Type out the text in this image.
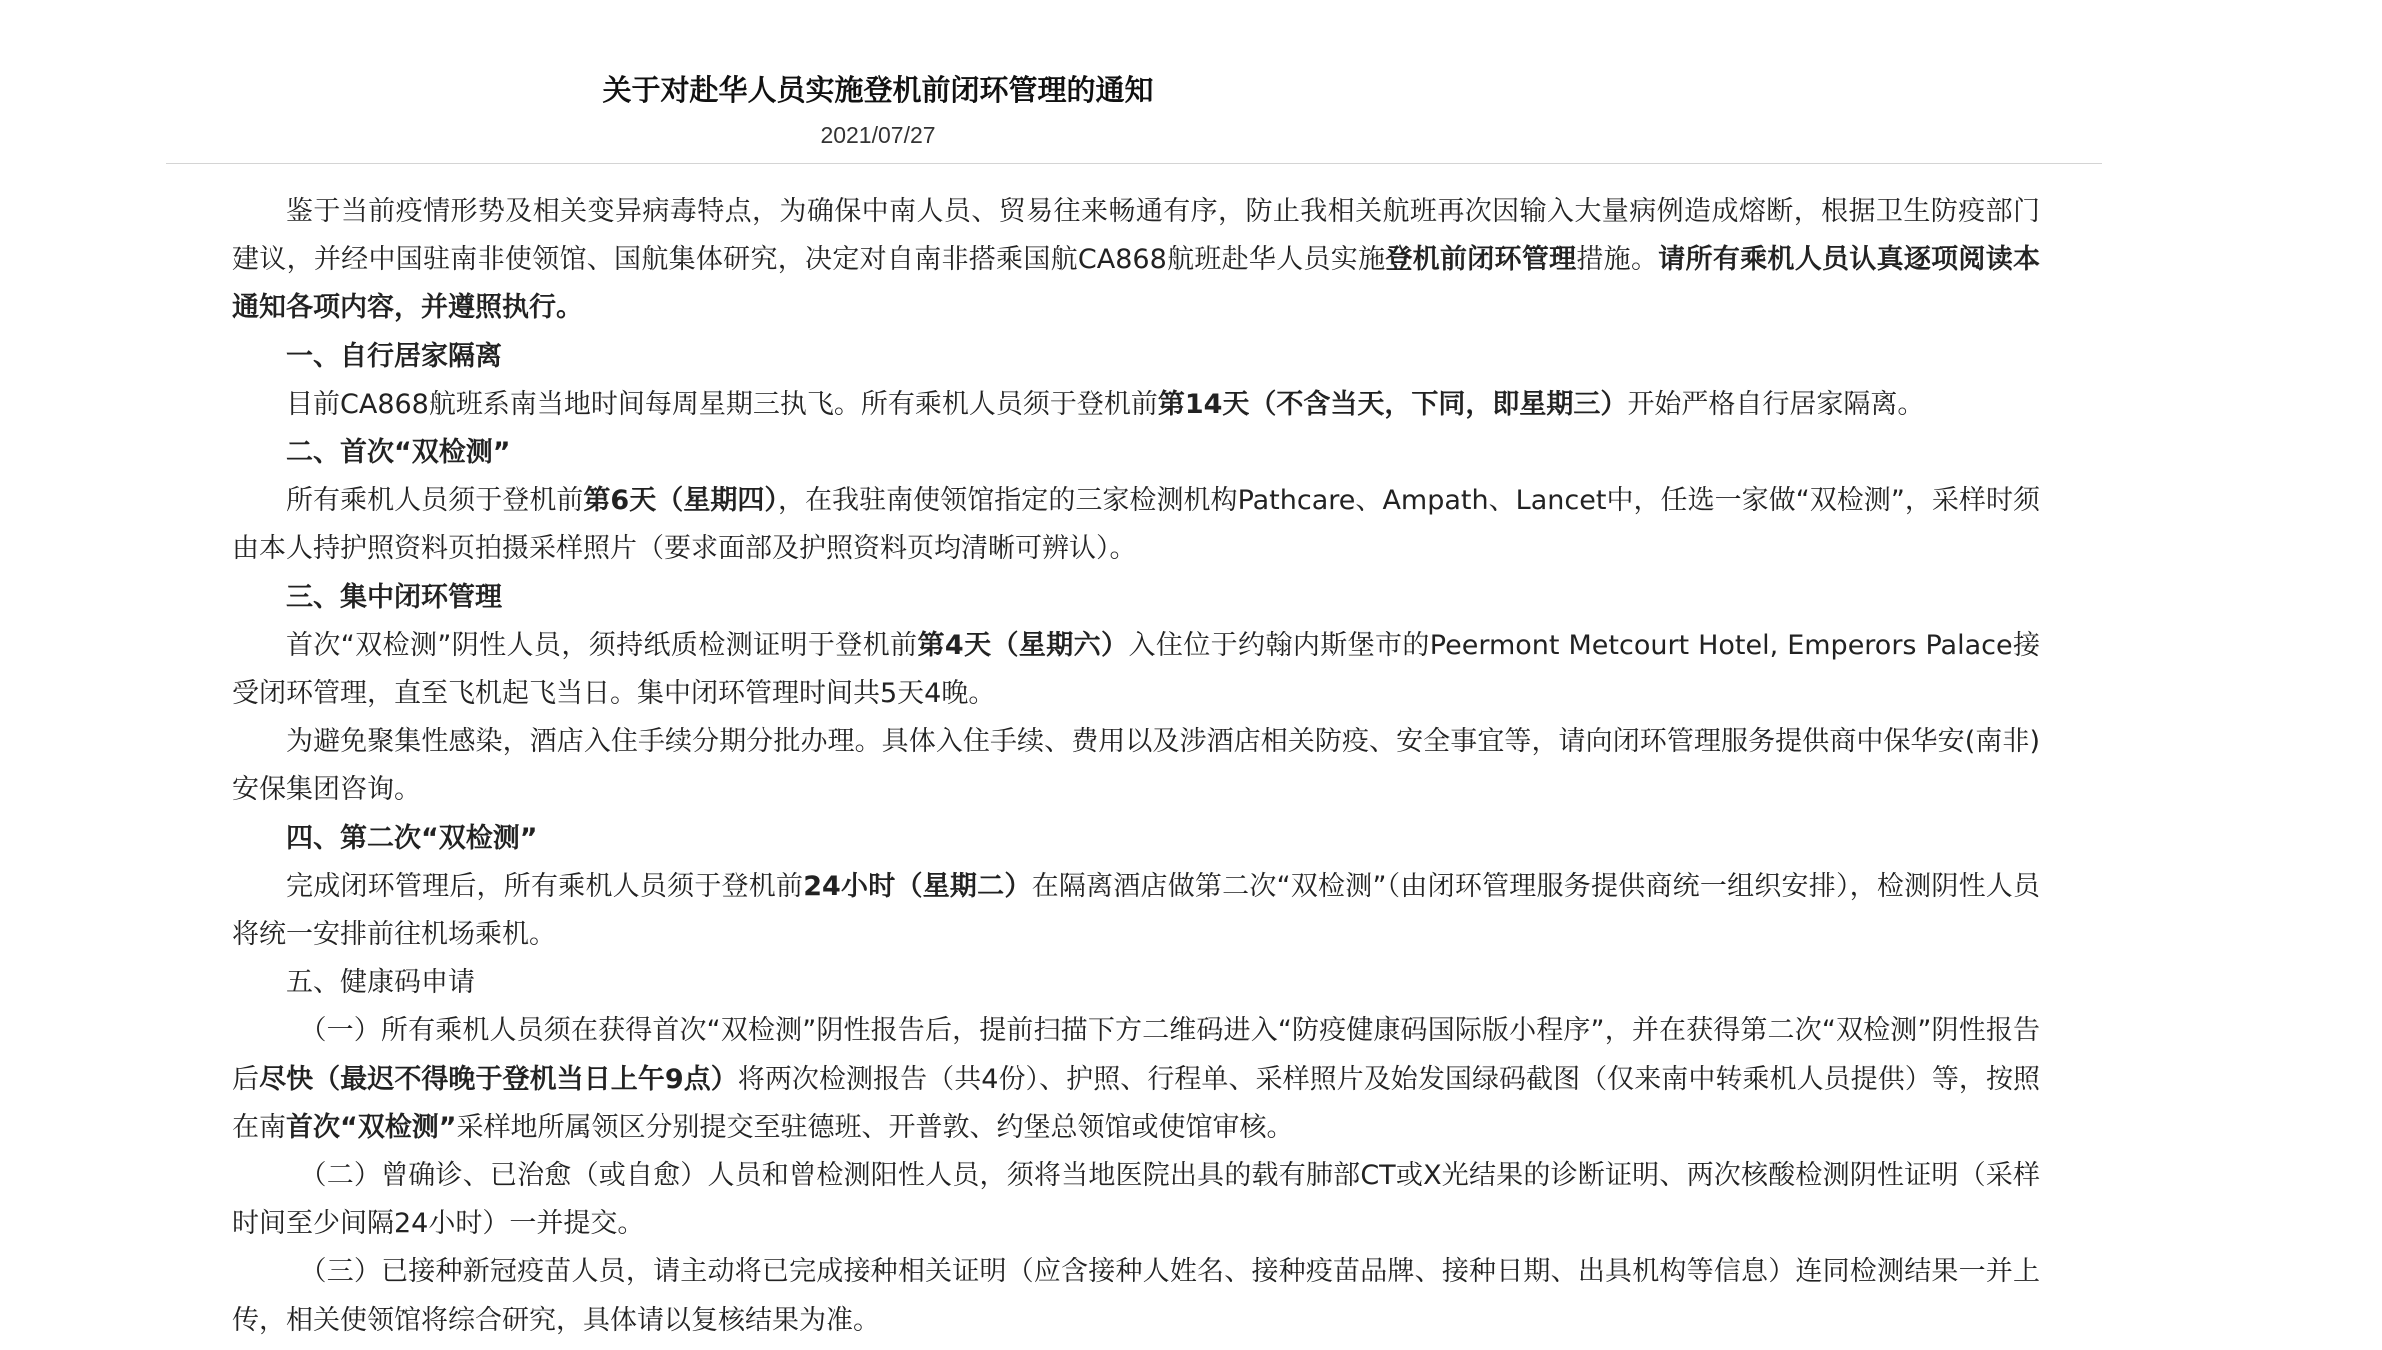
关于对赴华人员实施登机前闭环管理的通知
2021/07/27

鉴于当前疫情形势及相关变异病毒特点，为确保中南人员、贸易往来畅通有序，防止我相关航班再次因输入大量病例造成熔断，根据卫生防疫部门建议，并经中国驻南非使领馆、国航集体研究，决定对自南非搭乘国航CA868航班赴华人员实施登机前闭环管理措施。请所有乘机人员认真逐项阅读本通知各项内容，并遵照执行。

一、自行居家隔离

目前CA868航班系南当地时间每周星期三执飞。所有乘机人员须于登机前第14天（不含当天，下同，即星期三）开始严格自行居家隔离。

二、首次“双检测”

所有乘机人员须于登机前第6天（星期四），在我驻南使领馆指定的三家检测机构Pathcare、Ampath、Lancet中，任选一家做“双检测”，采样时须由本人持护照资料页拍摄采样照片（要求面部及护照资料页均清晰可辨认）。

三、集中闭环管理

首次“双检测”阴性人员，须持纸质检测证明于登机前第4天（星期六）入住位于约翰内斯堡市的Peermont Metcourt Hotel, Emperors Palace接受闭环管理，直至飞机起飞当日。集中闭环管理时间共5天4晚。

为避免聚集性感染，酒店入住手续分期分批办理。具体入住手续、费用以及涉酒店相关防疫、安全事宜等，请向闭环管理服务提供商中保华安(南非)安保集团咨询。

四、第二次“双检测”

完成闭环管理后，所有乘机人员须于登机前24小时（星期二）在隔离酒店做第二次“双检测”（由闭环管理服务提供商统一组织安排），检测阴性人员将统一安排前往机场乘机。

五、健康码申请

（一）所有乘机人员须在获得首次“双检测”阴性报告后，提前扫描下方二维码进入“防疫健康码国际版小程序”，并在获得第二次“双检测”阴性报告后尽快（最迟不得晚于登机当日上午9点）将两次检测报告（共4份）、护照、行程单、采样照片及始发国绿码截图（仅来南中转乘机人员提供）等，按照在南首次“双检测”采样地所属领区分别提交至驻德班、开普敦、约堡总领馆或使馆审核。

（二）曾确诊、已治愈（或自愈）人员和曾检测阳性人员，须将当地医院出具的载有肺部CT或X光结果的诊断证明、两次核酸检测阴性证明（采样时间至少间隔24小时）一并提交。

（三）已接种新冠疫苗人员，请主动将已完成接种相关证明（应含接种人姓名、接种疫苗品牌、接种日期、出具机构等信息）连同检测结果一并上传，相关使领馆将综合研究，具体请以复核结果为准。
